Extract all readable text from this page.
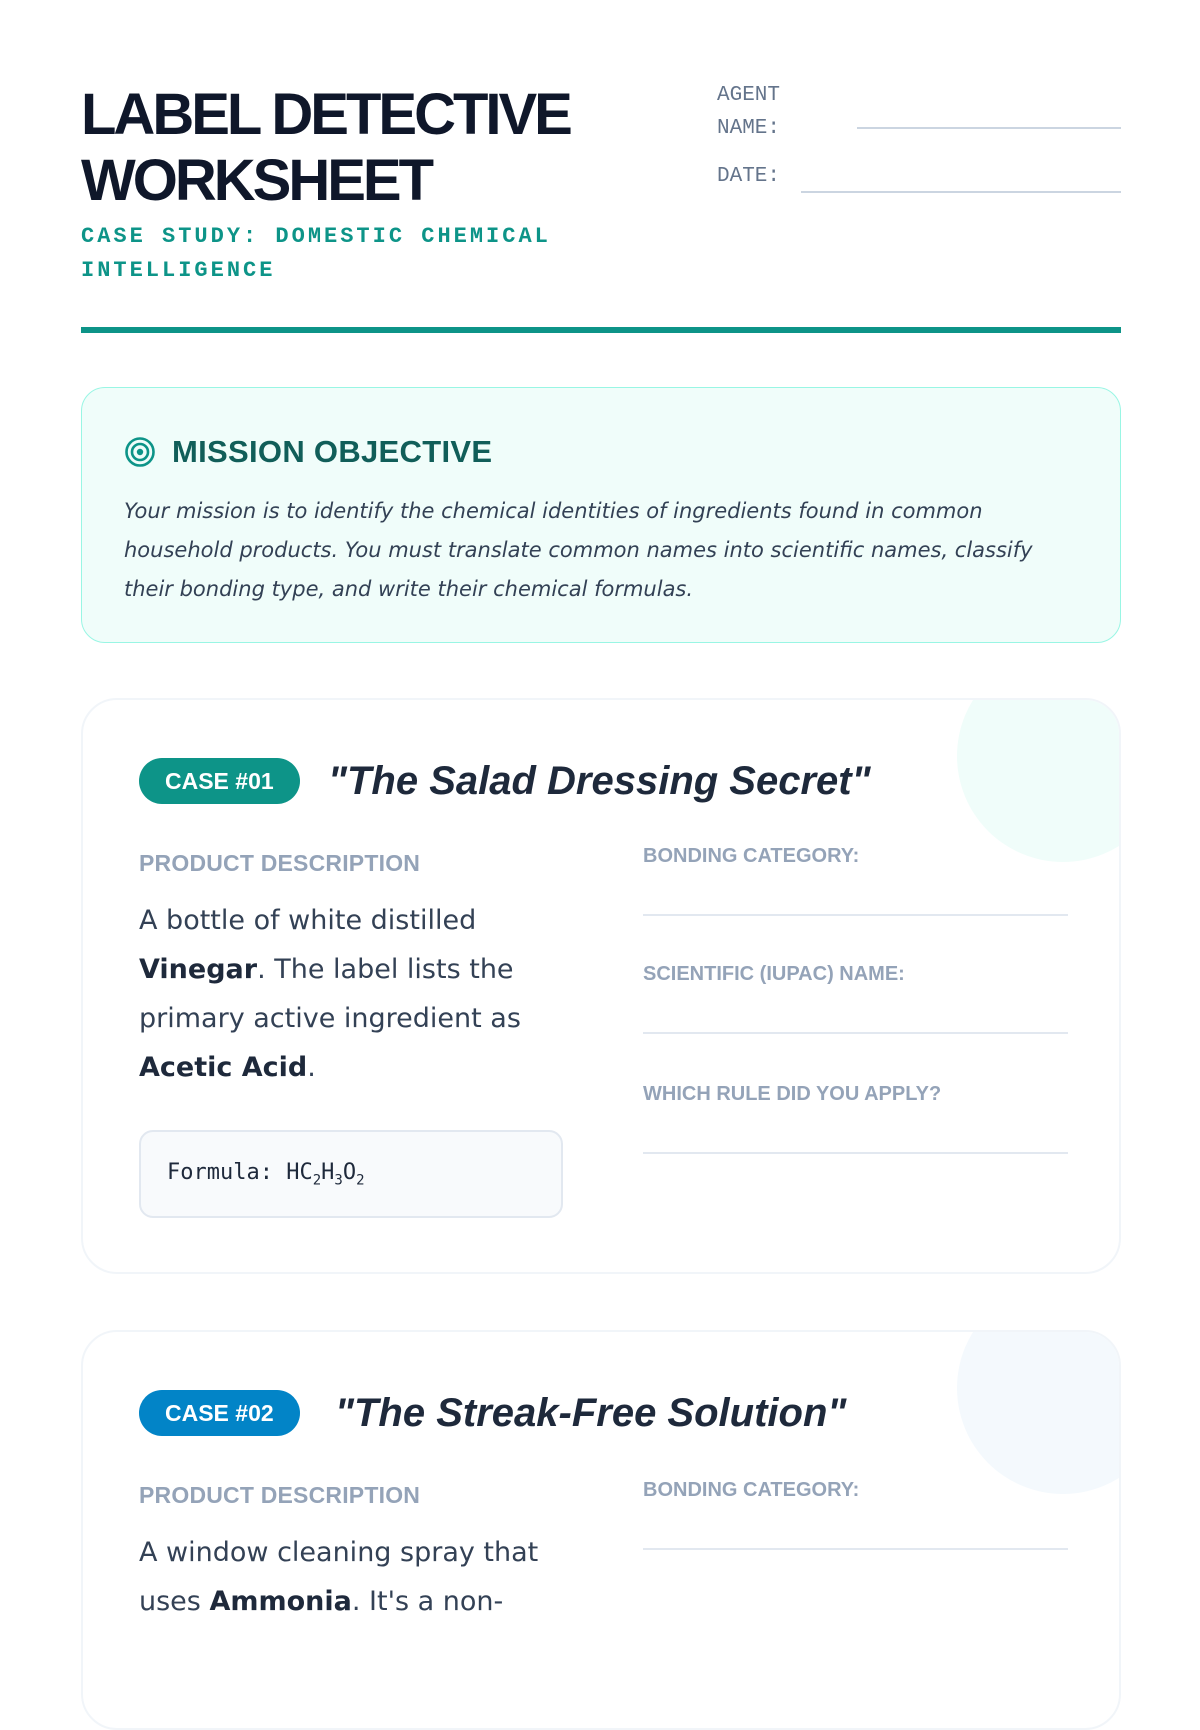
LABEL DETECTIVE
WORKSHEET

CASE STUDY: DOMESTIC CHEMICAL
INTELLIGENCE

AGENT
NAME:
DATE:
MISSION OBJECTIVE

Your mission is to identify the chemical identities of ingredients found in common household products. You must translate common names into scientific names, classify their bonding type, and write their chemical formulas.

CASE #01	"The Salad Dressing Secret"
PRODUCT DESCRIPTION

A bottle of white distilled Vinegar. The label lists the primary active ingredient as Acetic Acid.

Formula: $HC_2H_3O_2$
BONDING CATEGORY:
SCIENTIFIC (IUPAC) NAME:
WHICH RULE DID YOU APPLY?
CASE #02	"The Streak-Free Solution"
PRODUCT DESCRIPTION

A window cleaning spray that uses Ammonia. It's a non-

BONDING CATEGORY:
